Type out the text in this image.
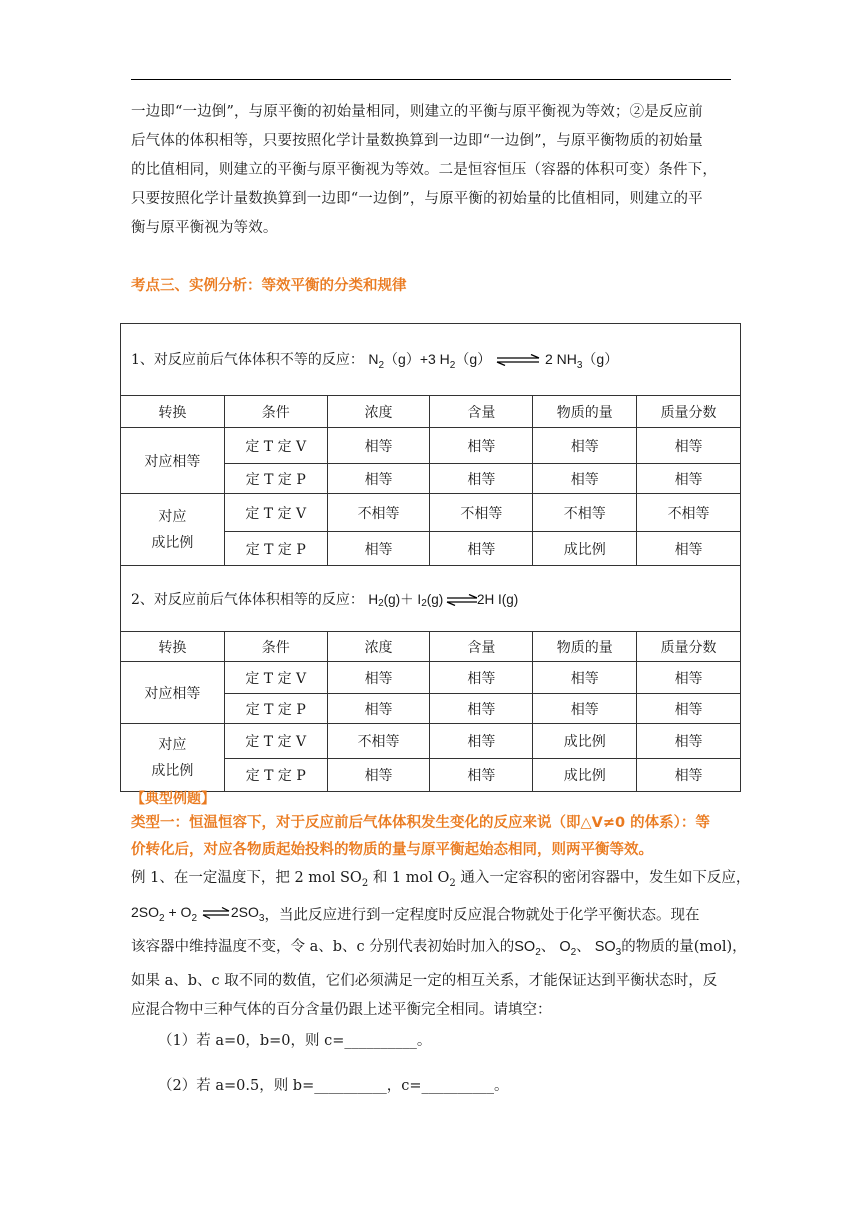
一边即“一边倒”，与原平衡的初始量相同，则建立的平衡与原平衡视为等效；②是反应前
后气体的体积相等，只要按照化学计量数换算到一边即“一边倒”，与原平衡物质的初始量
的比值相同，则建立的平衡与原平衡视为等效。二是恒容恒压（容器的体积可变）条件下，
只要按照化学计量数换算到一边即“一边倒”，与原平衡的初始量的比值相同，则建立的平
衡与原平衡视为等效。
考点三、实例分析：等效平衡的分类和规律
1、对反应前后气体体积不等的反应： $N_2(g)+3$ $H_2(g)$ ⇌ 2 $NH_3(g)$					
转换	条件	浓度	含量	物质的量	质量分数
对应相等	定 T 定 V	相等	相等	相等	相等
	定 T 定 P	相等	相等	相等	相等
对应
成比例	定 T 定 V	不相等	不相等	不相等	不相等
	定 T 定 P	相等	相等	成比例	相等
2、对反应前后气体体积相等的反应： $H_2(g)+ I_2(g)$ ⇌2H I(g)					
转换	条件	浓度	含量	物质的量	质量分数
对应相等	定 T 定 V	相等	相等	相等	相等
	定 T 定 P	相等	相等	相等	相等
对应
成比例	定 T 定 V	不相等	相等	成比例	相等
	定 T 定 P	相等	相等	成比例	相等
【典型例题】
类型一：恒温恒容下，对于反应前后气体体积发生变化的反应来说（即△V≠0 的体系）：等
价转化后，对应各物质起始投料的物质的量与原平衡起始态相同，则两平衡等效。
例 1、在一定温度下，把 2 mol $SO_2$ 和 1 mol $O_2$ 通入一定容积的密闭容器中，发生如下反应，
$2SO_2 + O_2$ $\rightleftharpoons 2SO_3$，当此反应进行到一定程度时反应混合物就处于化学平衡状态。现在
该容器中维持温度不变，令 a、b、c 分别代表初始时加入的$SO_2$、 $O_2$、 $SO_3$的物质的量(mol)，
如果 a、b、c 取不同的数值，它们必须满足一定的相互关系，才能保证达到平衡状态时，反
应混合物中三种气体的百分含量仍跟上述平衡完全相同。请填空：
（1）若 a=0，b=0，则 c=__________。
（2）若 a=0.5，则 b=__________，c=__________。
